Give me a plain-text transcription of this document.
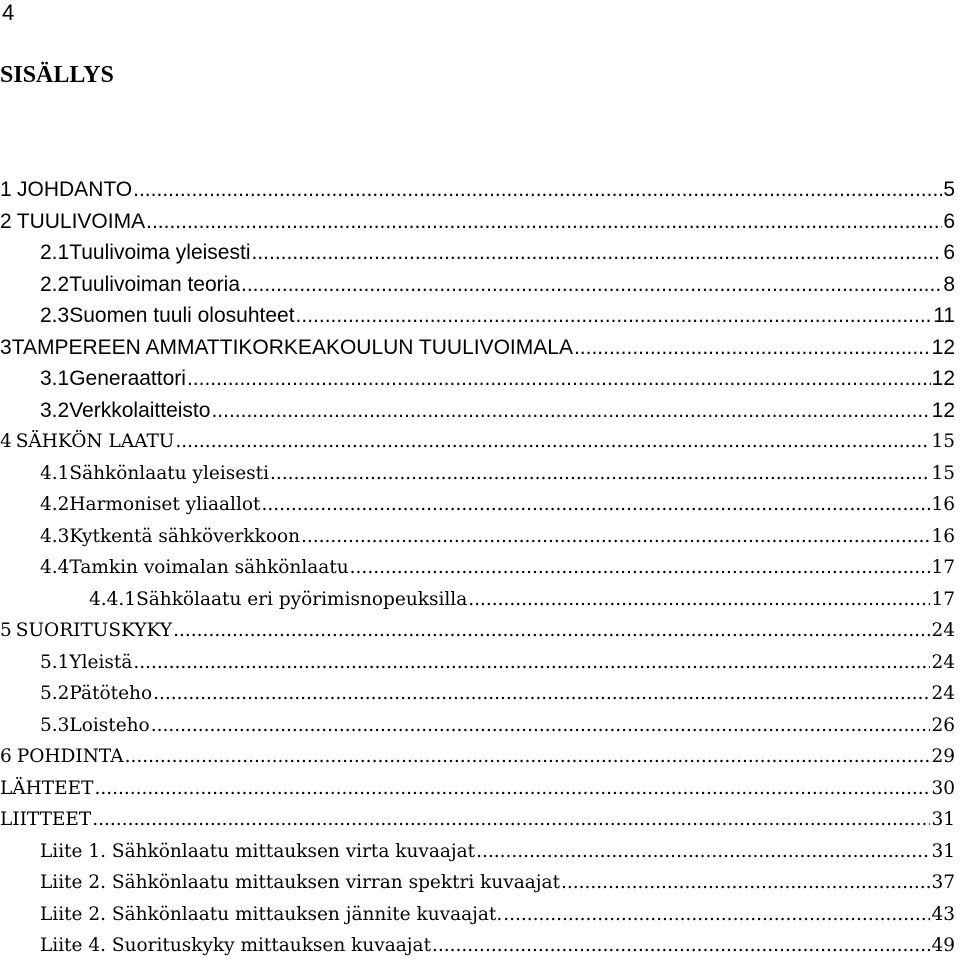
4
SISÄLLYS
1 JOHDANTO .....	5
2 TUULIVOIMA .....	6
2.1 Tuulivoima yleisesti .....	6
2.2 Tuulivoiman teoria .....	8
2.3 Suomen tuuli olosuhteet .....	11
3 TAMPEREEN AMMATTIKORKEAKOULUN TUULIVOIMALA .....	12
3.1 Generaattori .....	12
3.2 Verkkolaitteisto .....	12
4 SÄHKÖN LAATU .....	15
4.1 Sähkönlaatu yleisesti .....	15
4.2 Harmoniset yliaallot .....	16
4.3 Kytkentä sähköverkkoon .....	16
4.4 Tamkin voimalan sähkönlaatu .....	17
4.4.1 Sähkölaatu eri pyörimisnopeuksilla .....	17
5 SUORITUSKYKY .....	24
5.1 Yleistä .....	24
5.2 Pätöteho .....	24
5.3 Loisteho .....	26
6 POHDINTA .....	29
LÄHTEET .....	30
LIITTEET .....	31
Liite 1. Sähkönlaatu mittauksen virta kuvaajat .....	31
Liite 2. Sähkönlaatu mittauksen virran spektri kuvaajat .....	37
Liite 2. Sähkönlaatu mittauksen jännite kuvaajat. .....	43
Liite 4. Suorituskyky mittauksen kuvaajat .....	49
